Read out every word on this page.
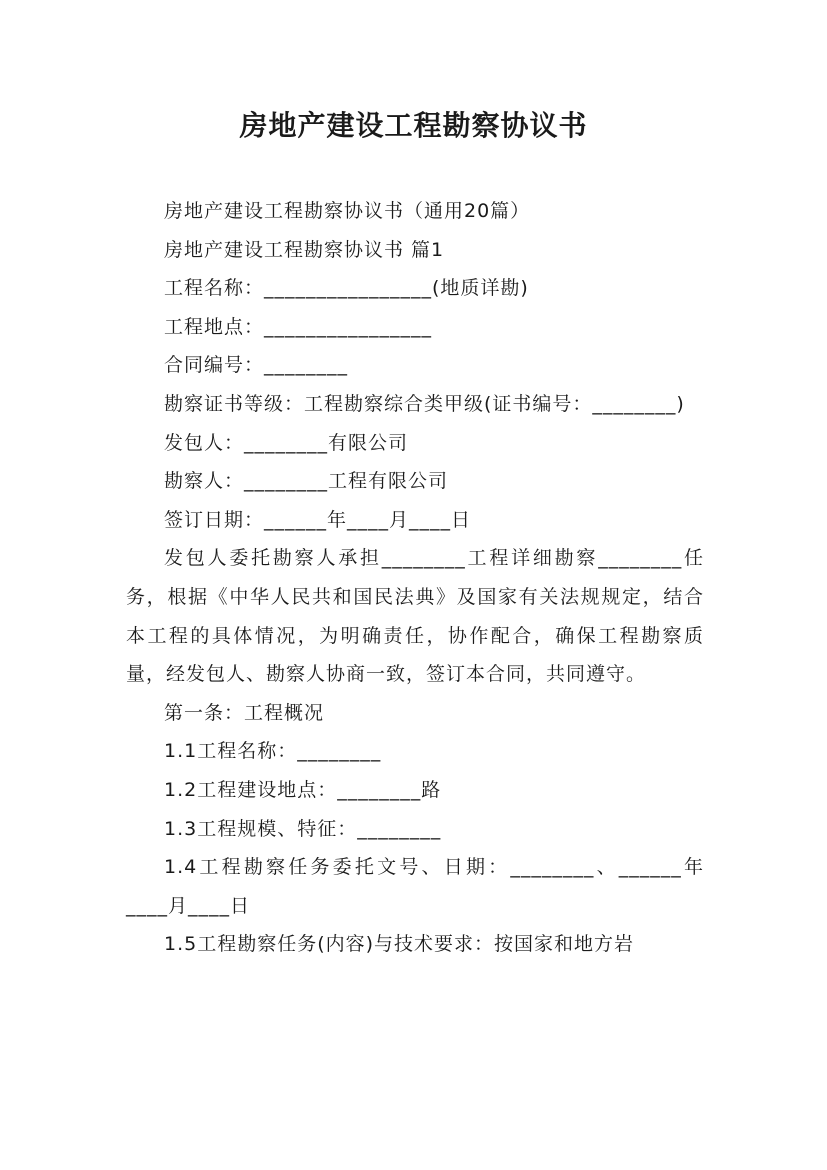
房地产建设工程勘察协议书

房地产建设工程勘察协议书（通用20篇）

房地产建设工程勘察协议书 篇1

工程名称：________________(地质详勘)

工程地点：________________

合同编号：________

勘察证书等级：工程勘察综合类甲级(证书编号：________)

发包人：________有限公司

勘察人：________工程有限公司

签订日期：______年____月____日

发包人委托勘察人承担________工程详细勘察________任务，根据《中华人民共和国民法典》及国家有关法规规定，结合本工程的具体情况，为明确责任，协作配合，确保工程勘察质量，经发包人、勘察人协商一致，签订本合同，共同遵守。

第一条：工程概况

1.1工程名称：________

1.2工程建设地点：________路

1.3工程规模、特征：________

1.4工程勘察任务委托文号、日期：________、______年____月____日

1.5工程勘察任务(内容)与技术要求：按国家和地方岩
